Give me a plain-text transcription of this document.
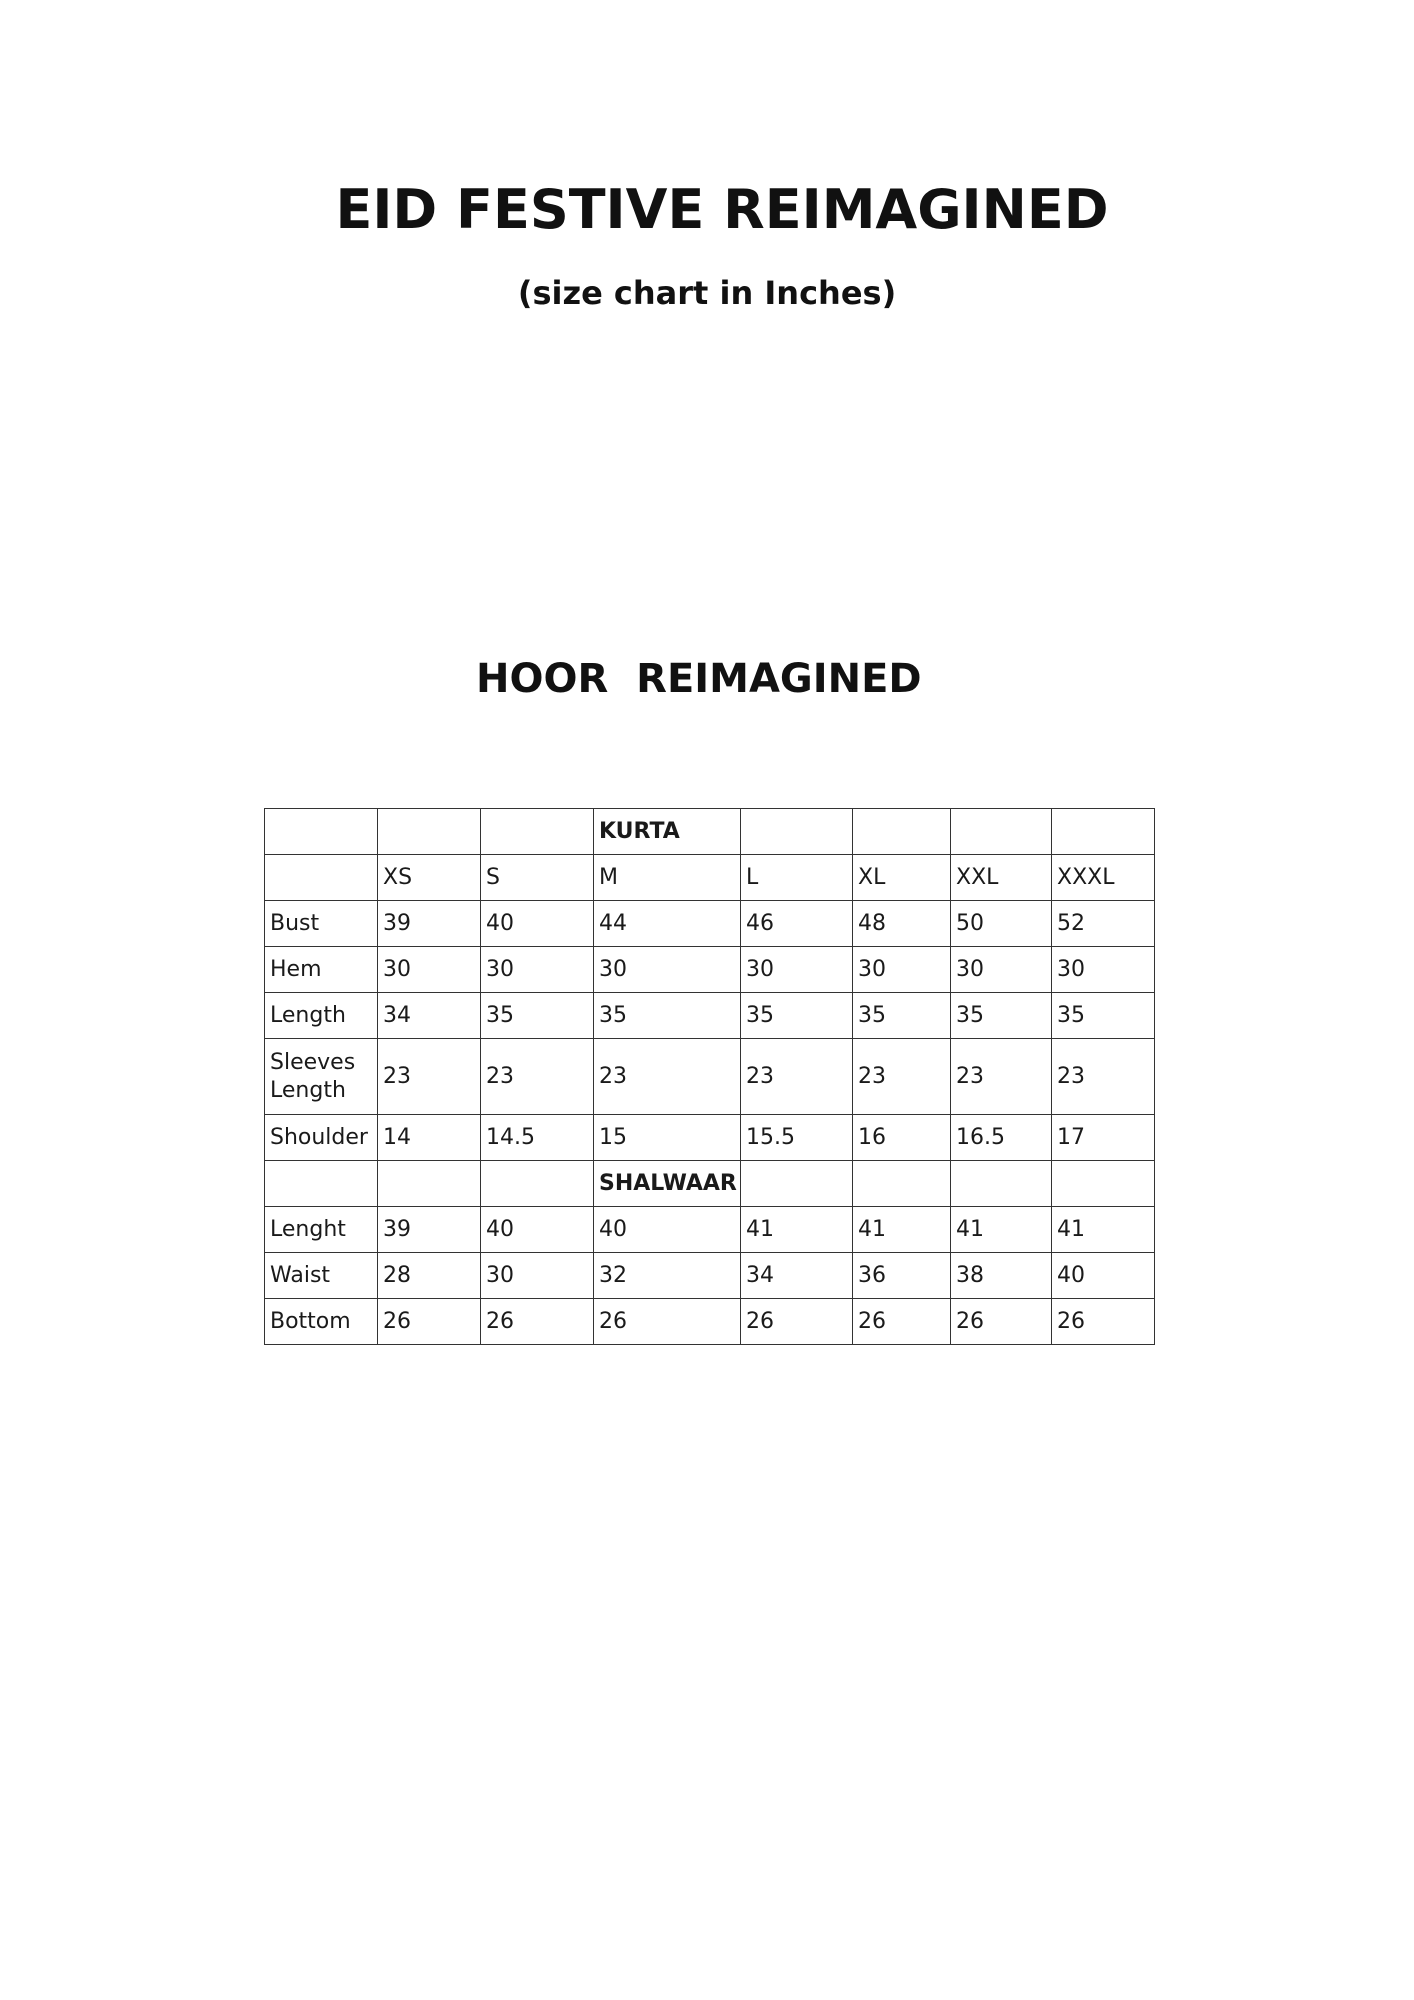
EID FESTIVE REIMAGINED
(size chart in Inches)
HOOR  REIMAGINED
			KURTA				
	XS	S	M	L	XL	XXL	XXXL
Bust	39	40	44	46	48	50	52
Hem	30	30	30	30	30	30	30
Length	34	35	35	35	35	35	35
Sleeves Length	23	23	23	23	23	23	23
Shoulder	14	14.5	15	15.5	16	16.5	17
			SHALWAAR				
Lenght	39	40	40	41	41	41	41
Waist	28	30	32	34	36	38	40
Bottom	26	26	26	26	26	26	26
